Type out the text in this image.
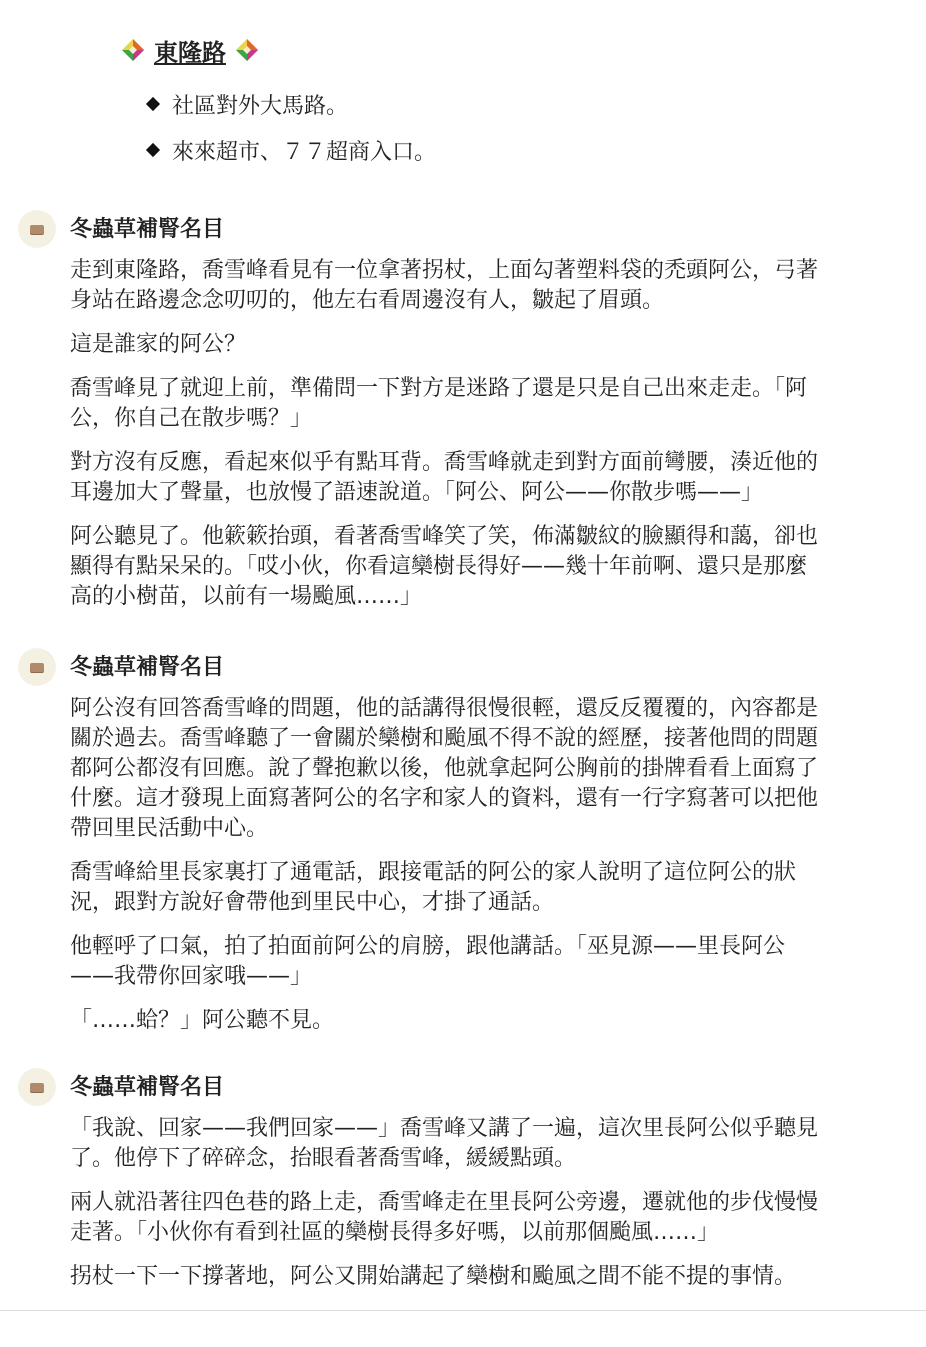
東隆路
社區對外大馬路。
來來超市、７７超商入口。
冬蟲草補腎名目

走到東隆路，喬雪峰看見有一位拿著拐杖，上面勾著塑料袋的禿頭阿公，弓著
身站在路邊念念叨叨的，他左右看周邊沒有人，皺起了眉頭。

這是誰家的阿公？

喬雪峰見了就迎上前，準備問一下對方是迷路了還是只是自己出來走走。「阿
公，你自己在散步嗎？」

對方沒有反應，看起來似乎有點耳背。喬雪峰就走到對方面前彎腰，湊近他的
耳邊加大了聲量，也放慢了語速說道。「阿公、阿公——你散步嗎——」

阿公聽見了。他簌簌抬頭，看著喬雪峰笑了笑，佈滿皺紋的臉顯得和藹，卻也
顯得有點呆呆的。「哎小伙，你看這欒樹長得好——幾十年前啊、還只是那麼
高的小樹苗，以前有一場颱風……」

冬蟲草補腎名目

阿公沒有回答喬雪峰的問題，他的話講得很慢很輕，還反反覆覆的，內容都是
關於過去。喬雪峰聽了一會關於欒樹和颱風不得不說的經歷，接著他問的問題
都阿公都沒有回應。說了聲抱歉以後，他就拿起阿公胸前的掛牌看看上面寫了
什麼。這才發現上面寫著阿公的名字和家人的資料，還有一行字寫著可以把他
帶回里民活動中心。

喬雪峰給里長家裏打了通電話，跟接電話的阿公的家人說明了這位阿公的狀
況，跟對方說好會帶他到里民中心，才掛了通話。

他輕呼了口氣，拍了拍面前阿公的肩膀，跟他講話。「巫見源——里長阿公
——我帶你回家哦——」

「……蛤？」阿公聽不見。

冬蟲草補腎名目

「我說、回家——我們回家——」喬雪峰又講了一遍，這次里長阿公似乎聽見
了。他停下了碎碎念，抬眼看著喬雪峰，緩緩點頭。

兩人就沿著往四色巷的路上走，喬雪峰走在里長阿公旁邊，遷就他的步伐慢慢
走著。「小伙你有看到社區的欒樹長得多好嗎，以前那個颱風……」

拐杖一下一下撐著地，阿公又開始講起了欒樹和颱風之間不能不提的事情。
